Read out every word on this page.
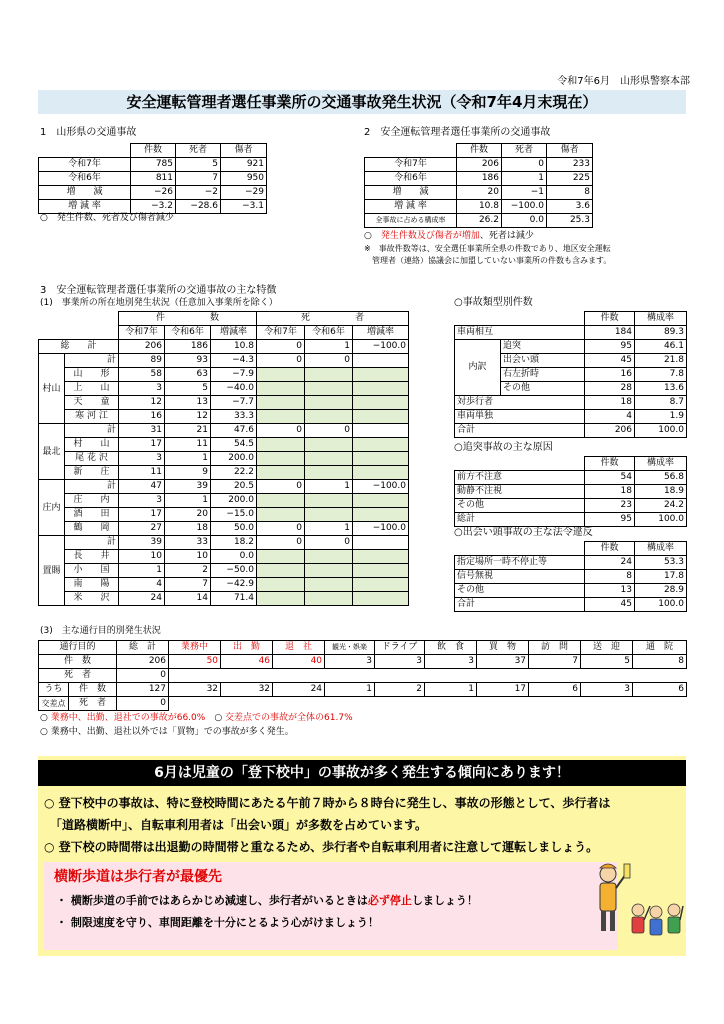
令和7年6月　山形県警察本部
安全運転管理者選任事業所の交通事故発生状況（令和7年4月末現在）
1　山形県の交通事故
	件数	死者	傷者
令和7年	785	5	921
令和6年	811	7	950
増　　減	−26	−2	−29
増 減 率	−3.2	−28.6	−3.1
○　発生件数、死者及び傷者減少
2　安全運転管理者選任事業所の交通事故
	件数	死者	傷者
令和7年	206	0	233
令和6年	186	1	225
増　　減	20	−1	8
増 減 率	10.8	−100.0	3.6
全事故に占める構成率	26.2	0.0	25.3
○　発生件数及び傷者が増加、死者は減少
※　事故件数等は、安全選任事業所全県の件数であり、地区安全運転
　管理者（連絡）協議会に加盟していない事業所の件数も含みます。
3　安全運転管理者選任事業所の交通事故の主な特徴
(1)　事業所の所在地別発生状況（任意加入事業所を除く）
		件　　　　　数			死　　　　　者		
		令和7年	令和6年	増減率	令和7年	令和6年	増減率
総　　計		206	186	10.8	0	1	−100.0
村山	計	89	93	−4.3	0	0	
	山　　形	58	63	−7.9			
	上　　山	3	5	−40.0			
	天　　童	12	13	−7.7			
	寒 河 江	16	12	33.3			
最北	計	31	21	47.6	0	0	
	村　　山	17	11	54.5			
	尾 花 沢	3	1	200.0			
	新　　庄	11	9	22.2			
庄内	計	47	39	20.5	0	1	−100.0
	庄　　内	3	1	200.0			
	酒　　田	17	20	−15.0			
	鶴　　岡	27	18	50.0	0	1	−100.0
置賜	計	39	33	18.2	0	0	
	長　　井	10	10	0.0			
	小　　国	1	2	−50.0			
	南　　陽	4	7	−42.9			
	米　　沢	24	14	71.4			
○事故類型別件数
		件数	構成率
車両相互		184	89.3
内訳	追突	95	46.1
	出会い頭	45	21.8
	右左折時	16	7.8
	その他	28	13.6
対歩行者		18	8.7
車両単独		4	1.9
合計		206	100.0
○追突事故の主な原因
	件数	構成率
前方不注意	54	56.8
動静不注視	18	18.9
その他	23	24.2
総計	95	100.0
○出会い頭事故の主な法令違反
	件数	構成率
指定場所一時不停止等	24	53.3
信号無視	8	17.8
その他	13	28.9
合計	45	100.0
(3)　主な通行目的別発生状況
通行目的		総　計	業務中	出　勤	退　社	観光・娯楽	ドライブ	飲　食	買　物	訪　問	送　迎	通　院	
件　数		206	50	46	40	3	3	3	37	7	5	8	
死　者		0											
うち	件　数	127	32	32	24	1	2	1	17	6	3	6	
交差点	死　者	0											
○ 業務中、出勤、退社での事故が66.0%　○ 交差点での事故が全体の61.7%
○ 業務中、出勤、退社以外では「買物」での事故が多く発生。
6月は児童の「登下校中」の事故が多く発生する傾向にあります！
○ 登下校中の事故は、特に登校時間にあたる午前７時から８時台に発生し、事故の形態として、歩行者は
「道路横断中」、自転車利用者は「出会い頭」が多数を占めています。
○ 登下校の時間帯は出退勤の時間帯と重なるため、歩行者や自転車利用者に注意して運転しましょう。
横断歩道は歩行者が最優先
・ 横断歩道の手前ではあらかじめ減速し、歩行者がいるときは必ず停止しましょう！
・ 制限速度を守り、車間距離を十分にとるよう心がけましょう！
